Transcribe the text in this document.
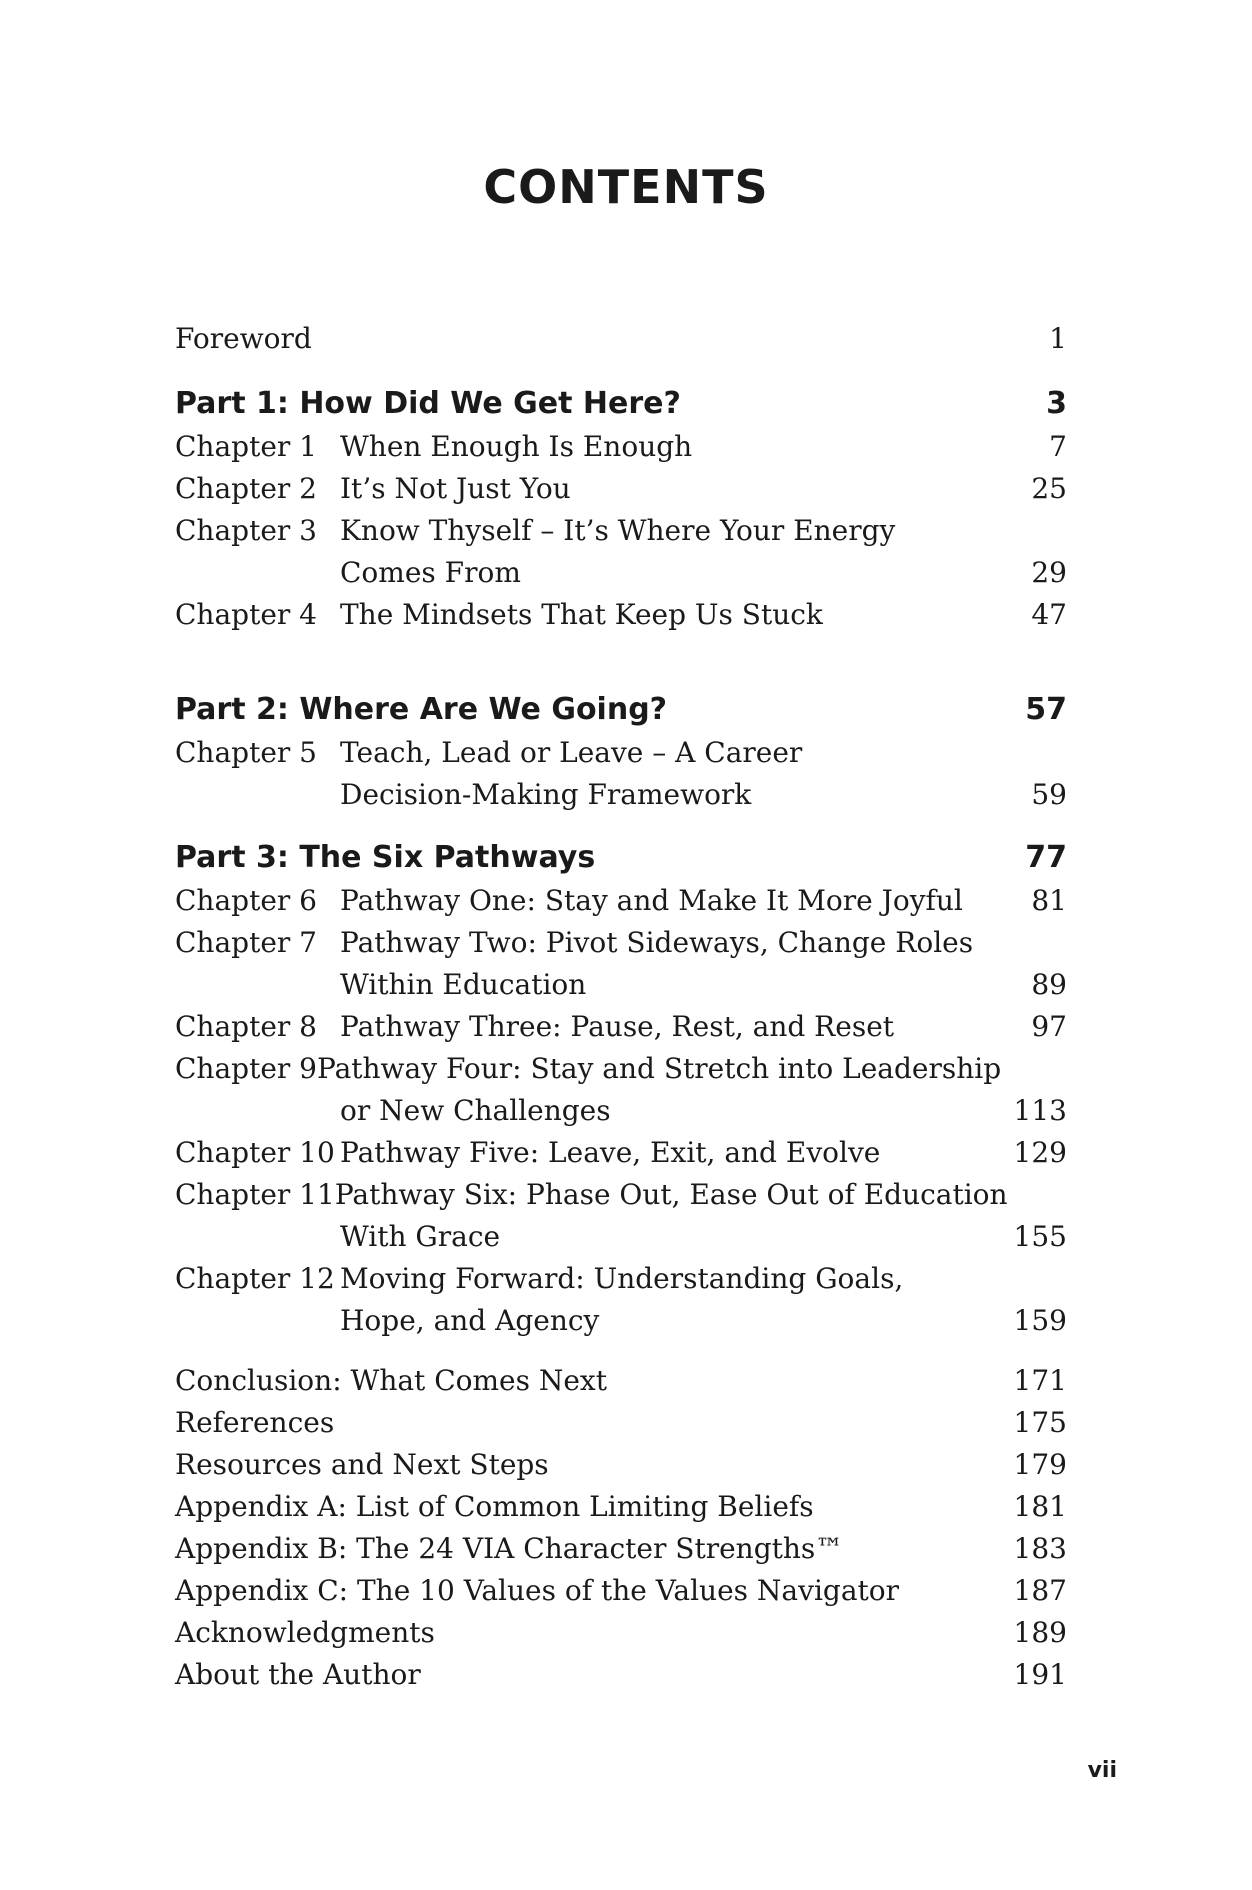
CONTENTS
Foreword	1
Part 1: How Did We Get Here?	3
Chapter 1 When Enough Is Enough	7
Chapter 2 It’s Not Just You	25
Chapter 3 Know Thyself – It’s Where Your Energy
Comes From	29
Chapter 4 The Mindsets That Keep Us Stuck	47
Part 2: Where Are We Going?	57
Chapter 5 Teach, Lead or Leave – A Career
Decision-Making Framework	59
Part 3: The Six Pathways	77
Chapter 6 Pathway One: Stay and Make It More Joyful	81
Chapter 7 Pathway Two: Pivot Sideways, Change Roles
Within Education	89
Chapter 8 Pathway Three: Pause, Rest, and Reset	97
Chapter 9 Pathway Four: Stay and Stretch into Leadership
or New Challenges	113
Chapter 10 Pathway Five: Leave, Exit, and Evolve	129
Chapter 11 Pathway Six: Phase Out, Ease Out of Education
With Grace	155
Chapter 12 Moving Forward: Understanding Goals,
Hope, and Agency	159
Conclusion: What Comes Next	171
References	175
Resources and Next Steps	179
Appendix A: List of Common Limiting Beliefs	181
Appendix B: The 24 VIA Character Strengths™	183
Appendix C: The 10 Values of the Values Navigator	187
Acknowledgments	189
About the Author	191
vii
